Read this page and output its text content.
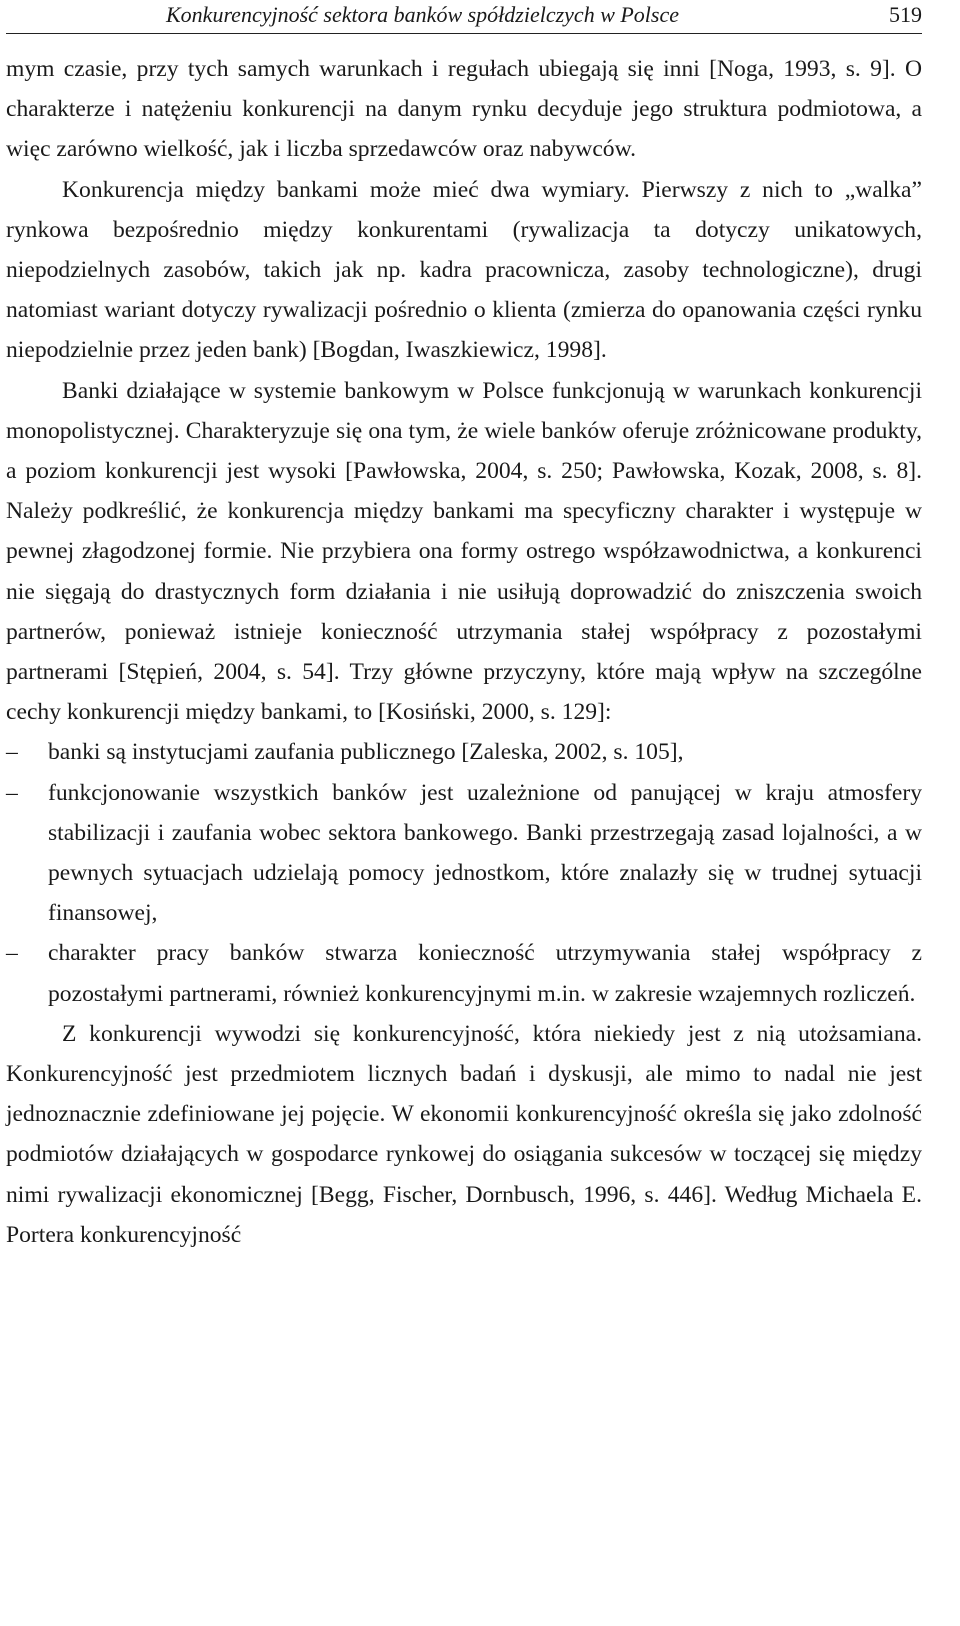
Konkurencyjność sektora banków spółdzielczych w Polsce	519

mym czasie, przy tych samych warunkach i regułach ubiegają się inni [Noga, 1993, s. 9]. O charakterze i natężeniu konkurencji na danym rynku decyduje jego struktura podmiotowa, a więc zarówno wielkość, jak i liczba sprzedawców oraz nabywców.

Konkurencja między bankami może mieć dwa wymiary. Pierwszy z nich to „walka” rynkowa bezpośrednio między konkurentami (rywalizacja ta dotyczy unikatowych, niepodzielnych zasobów, takich jak np. kadra pracownicza, zasoby technologiczne), drugi natomiast wariant dotyczy rywalizacji pośrednio o klienta (zmierza do opanowania części rynku niepodzielnie przez jeden bank) [Bogdan, Iwaszkiewicz, 1998].

Banki działające w systemie bankowym w Polsce funkcjonują w warunkach konkurencji monopolistycznej. Charakteryzuje się ona tym, że wiele banków oferuje zróżnicowane produkty, a poziom konkurencji jest wysoki [Pawłowska, 2004, s. 250; Pawłowska, Kozak, 2008, s. 8]. Należy podkreślić, że konkurencja między bankami ma specyficzny charakter i występuje w pewnej złagodzonej formie. Nie przybiera ona formy ostrego współzawodnictwa, a konkurenci nie sięgają do drastycznych form działania i nie usiłują doprowadzić do zniszczenia swoich partnerów, ponieważ istnieje konieczność utrzymania stałej współpracy z pozostałymi partnerami [Stępień, 2004, s. 54]. Trzy główne przyczyny, które mają wpływ na szczególne cechy konkurencji między bankami, to [Kosiński, 2000, s. 129]:

– banki są instytucjami zaufania publicznego [Zaleska, 2002, s. 105],
– funkcjonowanie wszystkich banków jest uzależnione od panującej w kraju atmosfery stabilizacji i zaufania wobec sektora bankowego. Banki przestrzegają zasad lojalności, a w pewnych sytuacjach udzielają pomocy jednostkom, które znalazły się w trudnej sytuacji finansowej,
– charakter pracy banków stwarza konieczność utrzymywania stałej współpracy z pozostałymi partnerami, również konkurencyjnymi m.in. w zakresie wzajemnych rozliczeń.

Z konkurencji wywodzi się konkurencyjność, która niekiedy jest z nią utożsamiana. Konkurencyjność jest przedmiotem licznych badań i dyskusji, ale mimo to nadal nie jest jednoznacznie zdefiniowane jej pojęcie. W ekonomii konkurencyjność określa się jako zdolność podmiotów działających w gospodarce rynkowej do osiągania sukcesów w toczącej się między nimi rywalizacji ekonomicznej [Begg, Fischer, Dornbusch, 1996, s. 446]. Według Michaela E. Portera konkurencyjność
